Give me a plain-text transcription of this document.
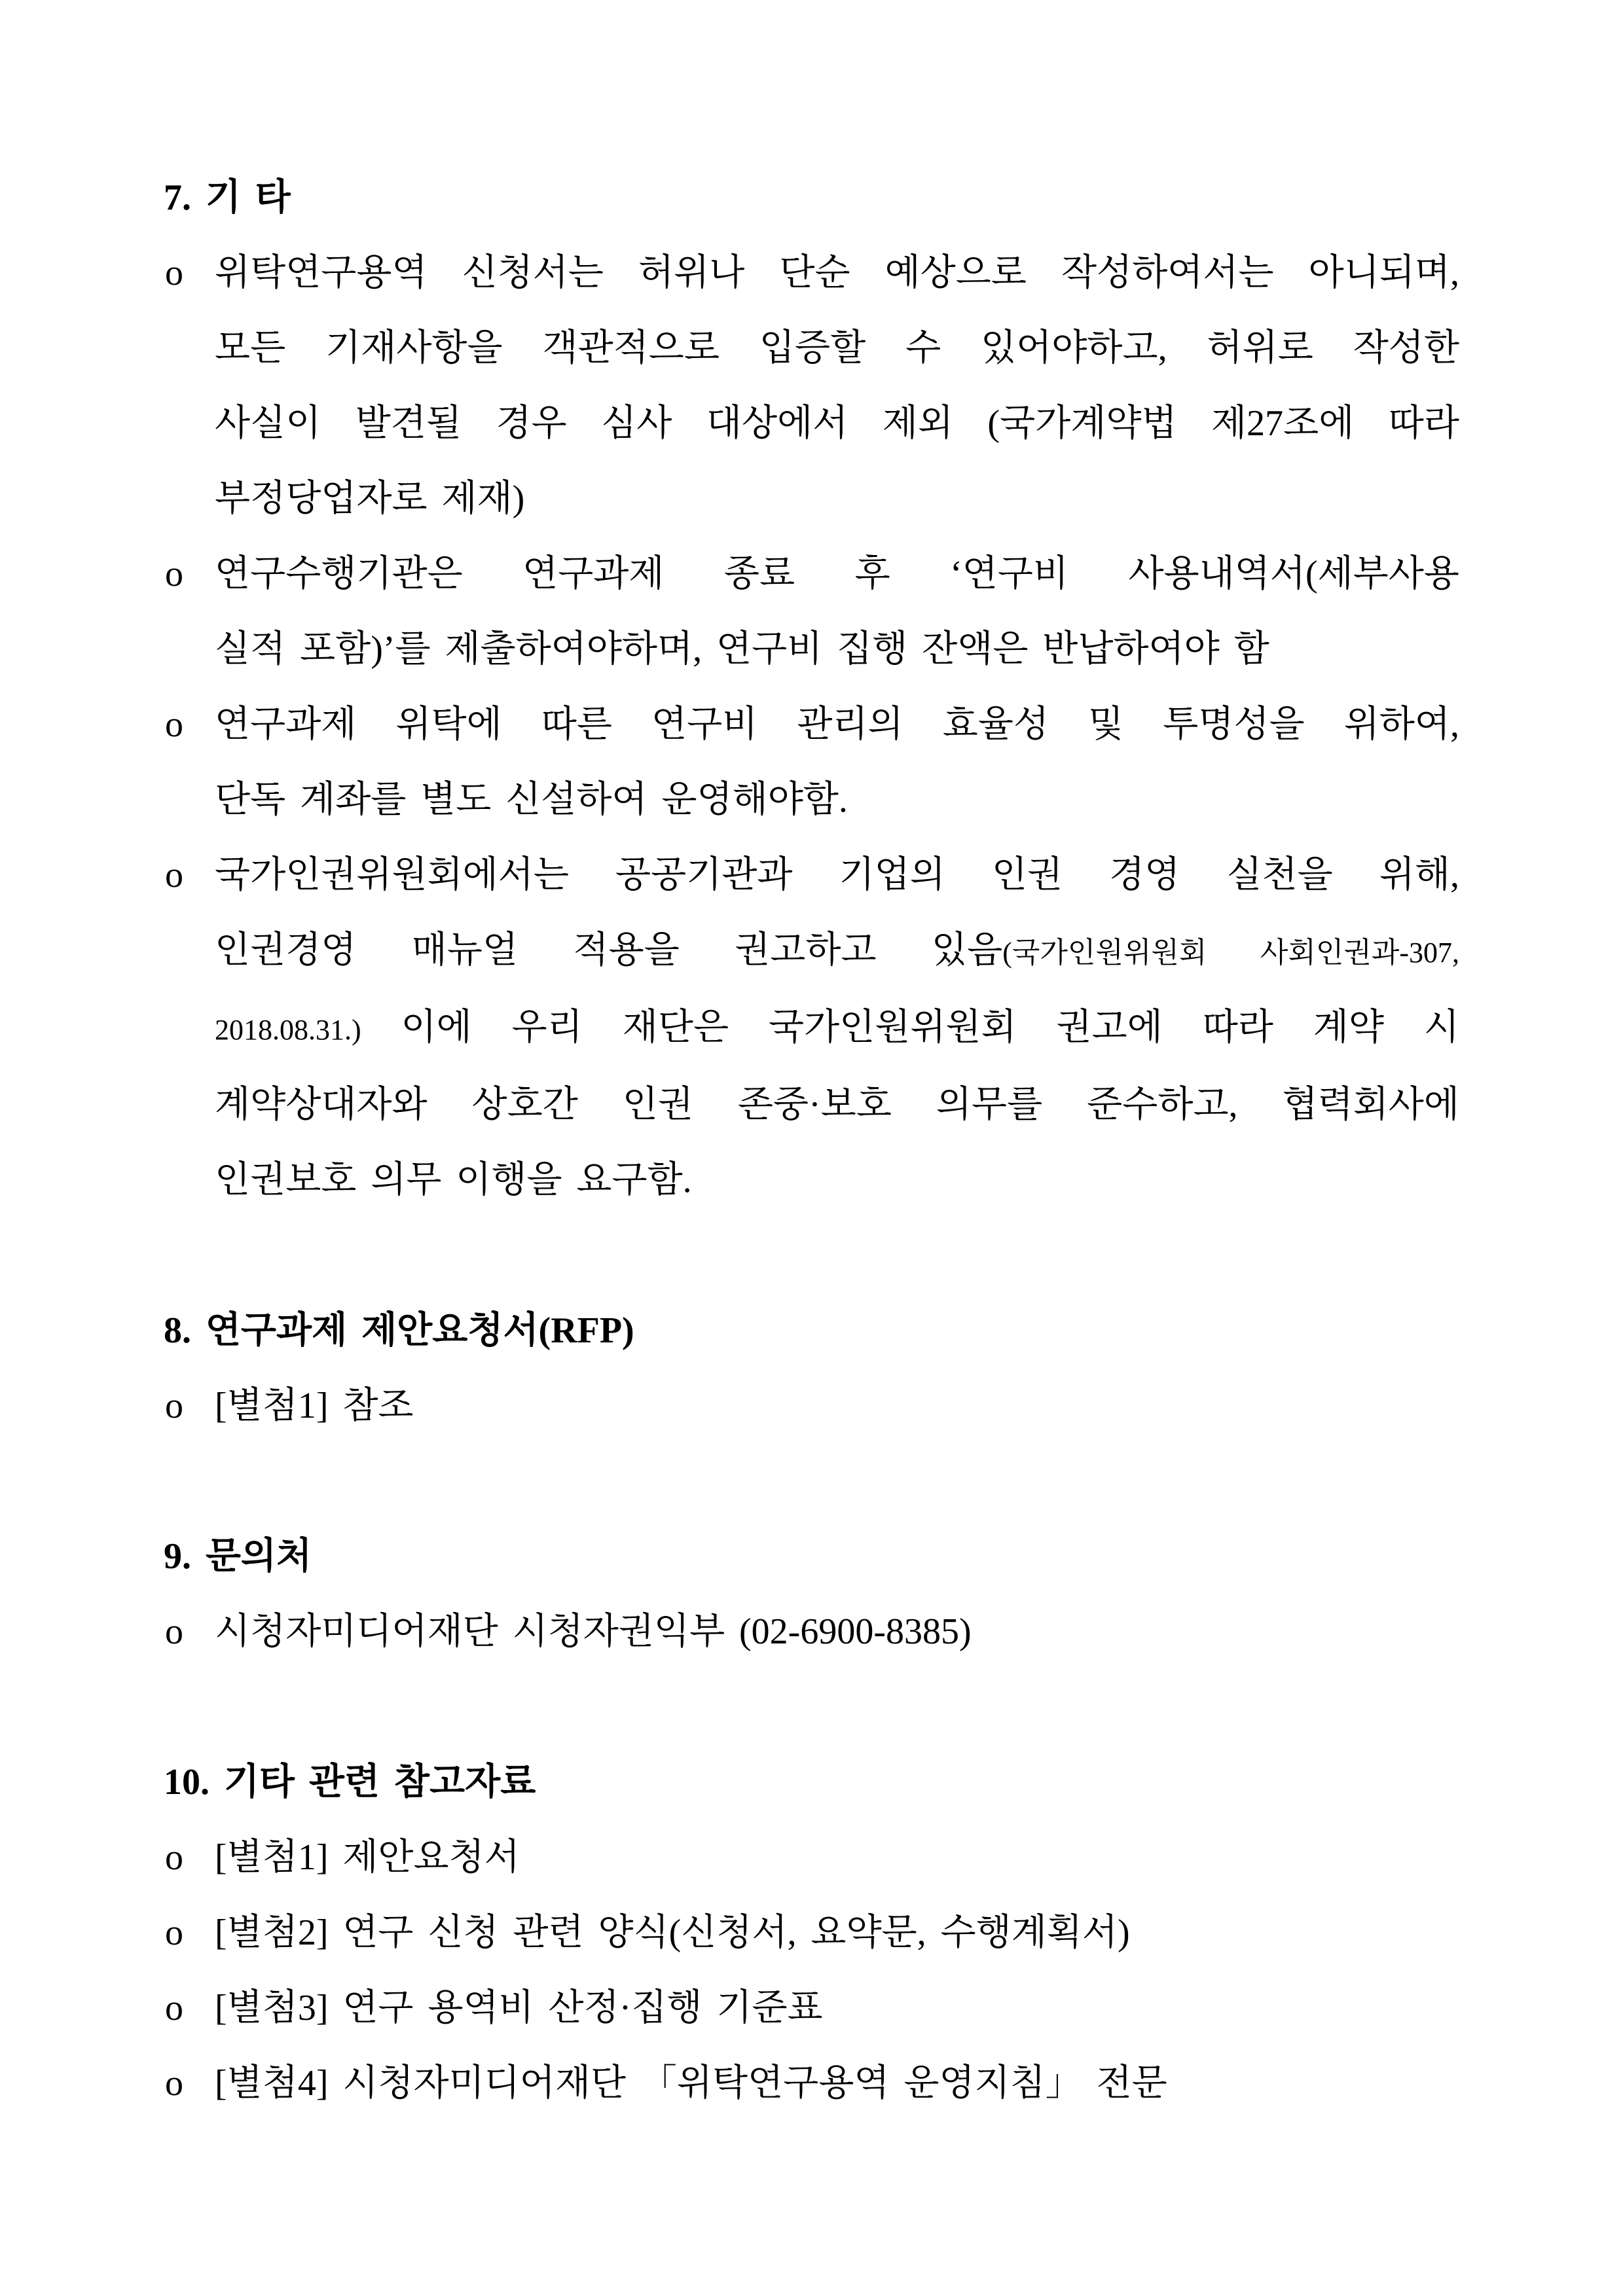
7. 기 타
o 위탁연구용역 신청서는 허위나 단순 예상으로 작성하여서는 아니되며,
모든 기재사항을 객관적으로 입증할 수 있어야하고, 허위로 작성한
사실이 발견될 경우 심사 대상에서 제외 (국가계약법 제27조에 따라
부정당업자로 제재)
o 연구수행기관은 연구과제 종료 후 ‘연구비 사용내역서(세부사용
실적 포함)’를 제출하여야하며, 연구비 집행 잔액은 반납하여야 함
o 연구과제 위탁에 따른 연구비 관리의 효율성 및 투명성을 위하여,
단독 계좌를 별도 신설하여 운영해야함.
o 국가인권위원회에서는 공공기관과 기업의 인권 경영 실천을 위해,
인권경영 매뉴얼 적용을 권고하고 있음(국가인원위원회 사회인권과-307,
2018.08.31.) 이에 우리 재단은 국가인원위원회 권고에 따라 계약 시
계약상대자와 상호간 인권 존중·보호 의무를 준수하고, 협력회사에
인권보호 의무 이행을 요구함.
8. 연구과제 제안요청서(RFP)
o [별첨1] 참조
9. 문의처
o 시청자미디어재단 시청자권익부 (02-6900-8385)
10. 기타 관련 참고자료
o [별첨1] 제안요청서
o [별첨2] 연구 신청 관련 양식(신청서, 요약문, 수행계획서)
o [별첨3] 연구 용역비 산정·집행 기준표
o [별첨4] 시청자미디어재단 「위탁연구용역 운영지침」 전문
